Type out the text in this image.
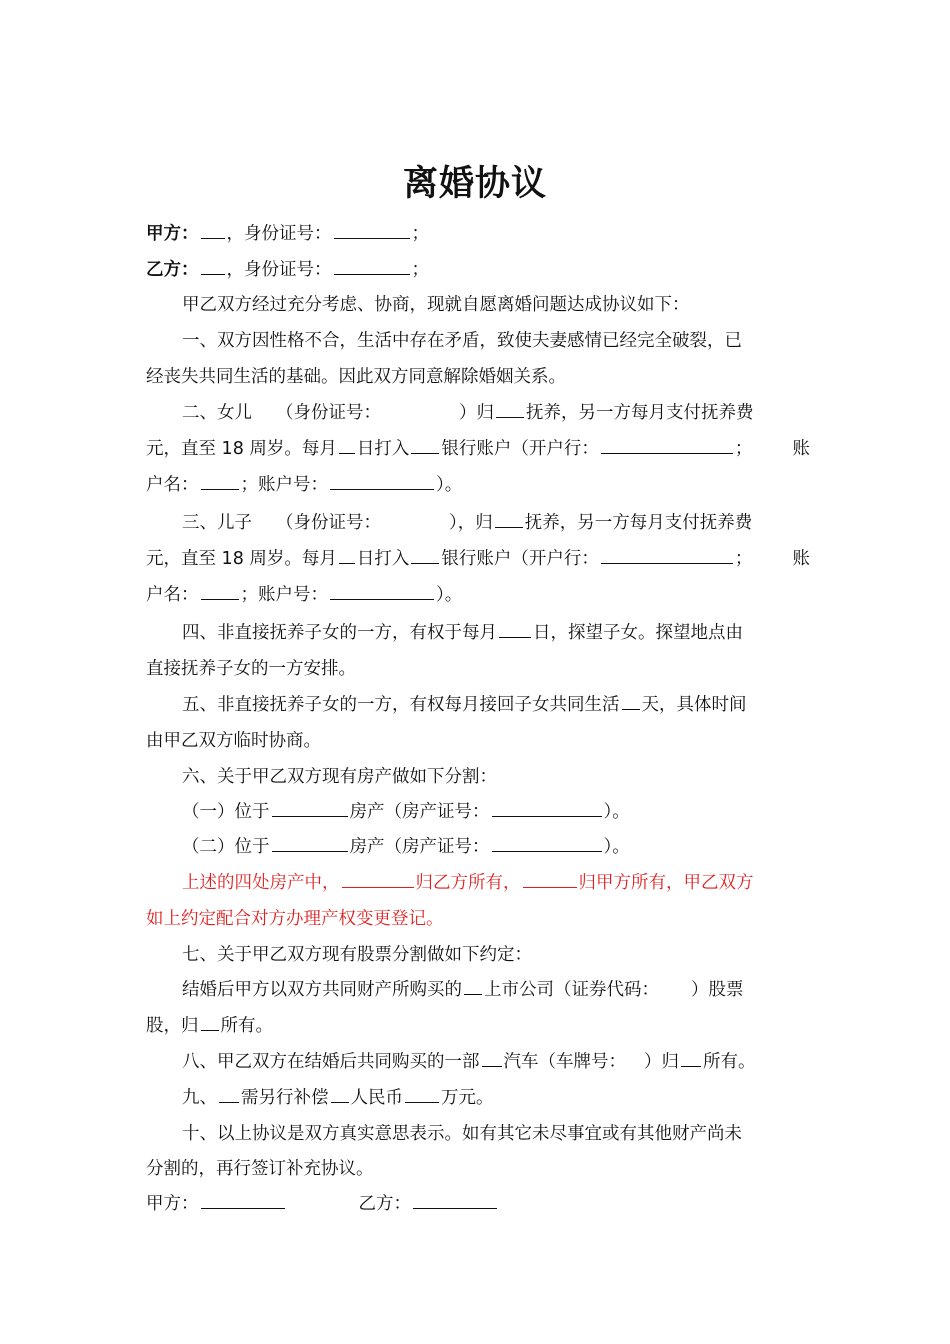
离婚协议
甲方： ，身份证号：	；
乙方： ，身份证号：	；
甲乙双方经过充分考虑、协商，现就自愿离婚问题达成协议如下：
一、双方因性格不合，生活中存在矛盾，致使夫妻感情已经完全破裂，已
经丧失共同生活的基础。因此双方同意解除婚姻关系。
二、女儿 （身份证号：	）归 抚养，另一方每月支付抚养费
元，直至 18 周岁。每月 日打入 银行账户（开户行：	； 账
户名： ；账户号：	）。
三、儿子 （身份证号：	），归 抚养，另一方每月支付抚养费
元，直至 18 周岁。每月 日打入 银行账户（开户行：	； 账
户名： ；账户号：	）。
四、非直接抚养子女的一方，有权于每月 日，探望子女。探望地点由
直接抚养子女的一方安排。
五、非直接抚养子女的一方，有权每月接回子女共同生活 天，具体时间
由甲乙双方临时协商。
六、关于甲乙双方现有房产做如下分割：
（一）位于	房产（房产证号：	）。
（二）位于	房产（房产证号：	）。
上述的四处房产中，	归乙方所有，	归甲方所有，甲乙双方
如上约定配合对方办理产权变更登记。
七、关于甲乙双方现有股票分割做如下约定：
结婚后甲方以双方共同财产所购买的 上市公司（证券代码： ）股票
股，归 所有。
八、甲乙双方在结婚后共同购买的一部 汽车（车牌号： ）归 所有。
九、 需另行补偿 人民币 万元。
十、以上协议是双方真实意思表示。如有其它未尽事宜或有其他财产尚未
分割的，再行签订补充协议。
甲方：	乙方：
